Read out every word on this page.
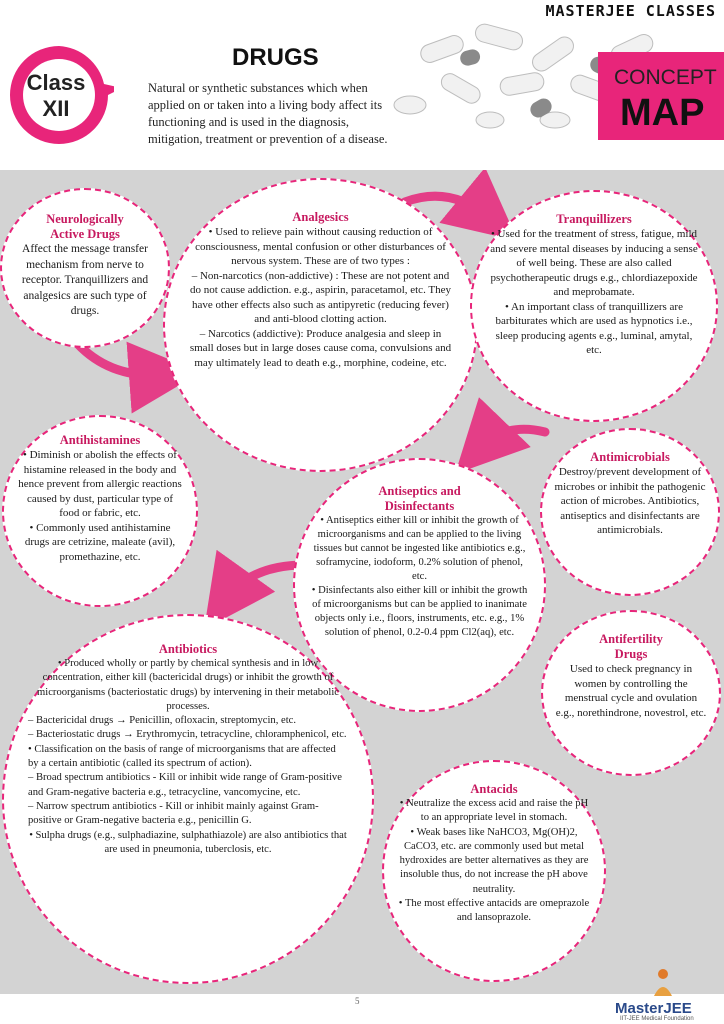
MASTERJEE CLASSES
Class
XII
DRUGS
Natural or synthetic substances which when applied on or taken into a living body affect its functioning and is used in the diagnosis, mitigation, treatment or prevention of a disease.
CONCEPT
MAP
Neurologically
Active Drugs

Affect the message transfer mechanism from nerve to receptor. Tranquillizers and analgesics are such type of drugs.

Analgesics

• Used to relieve pain without causing reduction of consciousness, mental confusion or other disturbances of nervous system. These are of two types :

– Non-narcotics (non-addictive) : These are not potent and do not cause addiction. e.g., aspirin, paracetamol, etc. They have other effects also such as antipyretic (reducing fever) and anti-blood clotting action.

– Narcotics (addictive): Produce analgesia and sleep in small doses but in large doses cause coma, convulsions and may ultimately lead to death e.g., morphine, codeine, etc.

Tranquillizers

• Used for the treatment of stress, fatigue, mild and severe mental diseases by inducing a sense of well being. These are also called psychotherapeutic drugs e.g., chlordiazepoxide and meprobamate.

• An important class of tranquillizers are barbiturates which are used as hypnotics i.e., sleep producing agents e.g., luminal, amytal, etc.

Antihistamines

• Diminish or abolish the effects of histamine released in the body and hence prevent from allergic reactions caused by dust, particular type of food or fabric, etc.

• Commonly used antihistamine drugs are cetrizine, maleate (avil), promethazine, etc.

Antiseptics and
Disinfectants

• Antiseptics either kill or inhibit the growth of microorganisms and can be applied to the living tissues but cannot be ingested like antibiotics e.g., soframycine, iodoform, 0.2% solution of phenol, etc.

• Disinfectants also either kill or inhibit the growth of microorganisms but can be applied to inanimate objects only i.e., floors, instruments, etc. e.g., 1% solution of phenol, 0.2-0.4 ppm Cl2(aq), etc.

Antimicrobials

Destroy/prevent development of microbes or inhibit the pathogenic action of microbes. Antibiotics, antiseptics and disinfectants are antimicrobials.

Antifertility
Drugs

Used to check pregnancy in women by controlling the menstrual cycle and ovulation e.g., norethindrone, novestrol, etc.

Antibiotics

• Produced wholly or partly by chemical synthesis and in low concentration, either kill (bactericidal drugs) or inhibit the growth of microorganisms (bacteriostatic drugs) by intervening in their metabolic processes.

– Bactericidal drugs → Penicillin, ofloxacin, streptomycin, etc.

– Bacteriostatic drugs → Erythromycin, tetracycline, chloramphenicol, etc.

• Classification on the basis of range of microorganisms that are affected by a certain antibiotic (called its spectrum of action).

– Broad spectrum antibiotics - Kill or inhibit wide range of Gram-positive and Gram-negative bacteria e.g., tetracycline, vancomycine, etc.

– Narrow spectrum antibiotics - Kill or inhibit mainly against Gram-positive or Gram-negative bacteria e.g., penicillin G.

• Sulpha drugs (e.g., sulphadiazine, sulphathiazole) are also antibiotics that are used in pneumonia, tuberclosis, etc.

Antacids

• Neutralize the excess acid and raise the pH to an appropriate level in stomach.

• Weak bases like NaHCO3, Mg(OH)2, CaCO3, etc. are commonly used but metal hydroxides are better alternatives as they are insoluble thus, do not increase the pH above neutrality.

• The most effective antacids are omeprazole and lansoprazole.

5	MasterJEE
IIT-JEE Medical Foundation
